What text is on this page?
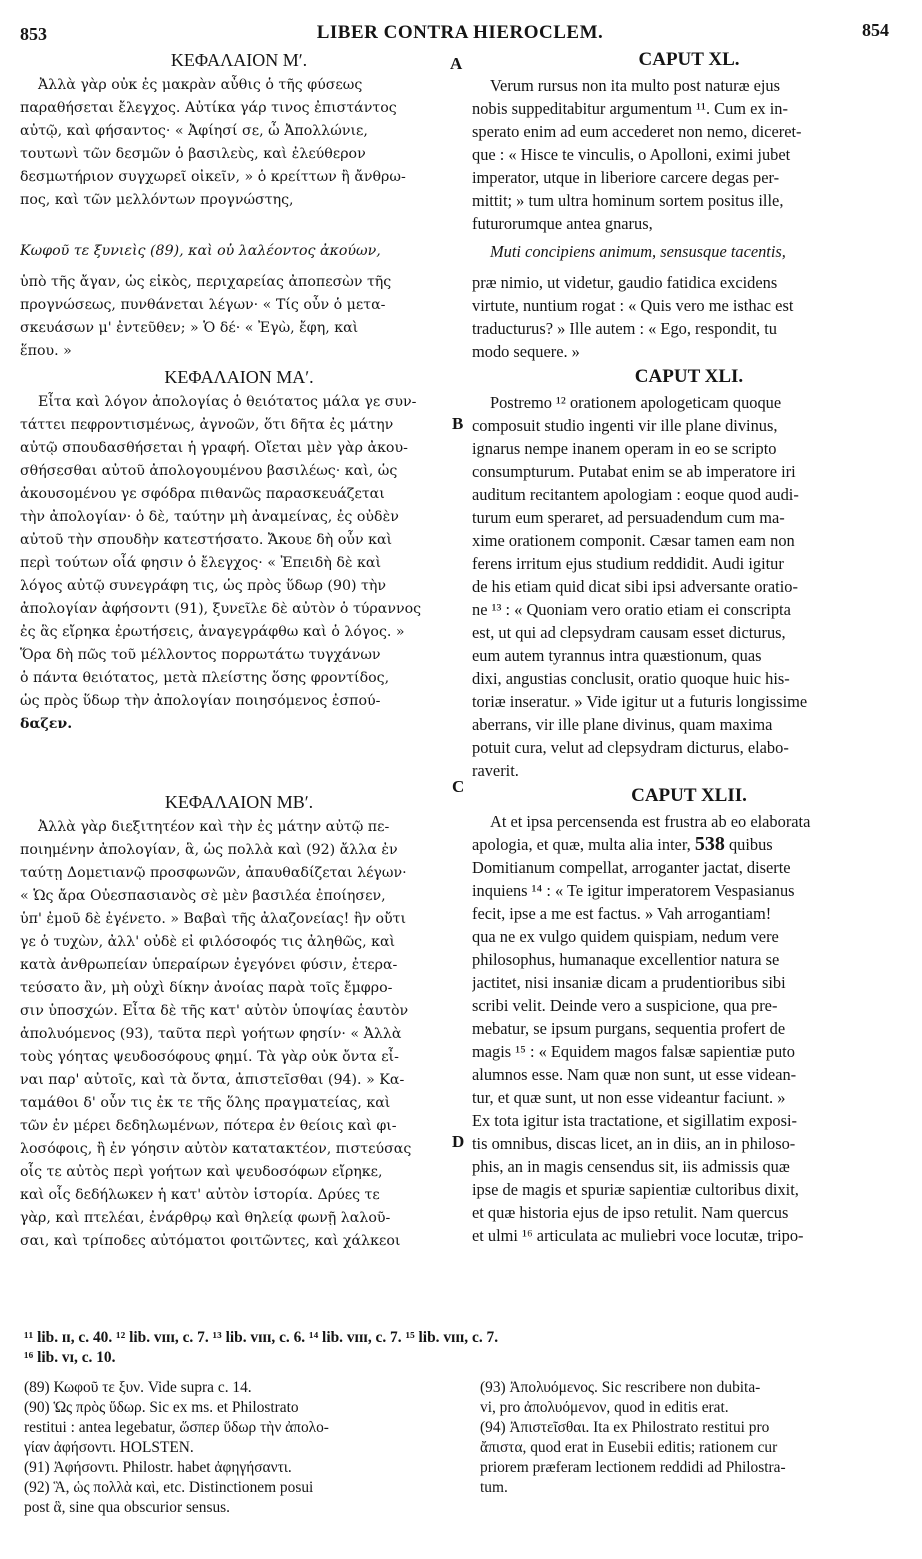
853	LIBER CONTRA HIEROCLEM.	854
A
B
C
D
ΚΕΦΑΛΑΙΟΝ Μʹ.
Ἀλλὰ γὰρ οὐκ ἐς μακρὰν αὖθις ὁ τῆς φύσεως
παραθήσεται ἔλεγχος. Αὐτίκα γάρ τινος ἐπιστάντος
αὐτῷ, καὶ φήσαντος· « Ἀφίησί σε, ὦ Ἀπολλώνιε,
τουτωνὶ τῶν δεσμῶν ὁ βασιλεὺς, καὶ ἐλεύθερον
δεσμωτήριον συγχωρεῖ οἰκεῖν, » ὁ κρείττων ἢ ἄνθρω-
πος, καὶ τῶν μελλόντων προγνώστης,
Κωφοῦ τε ξυνιεὶς (89), καὶ οὐ λαλέοντος ἀκούων,
ὑπὸ τῆς ἄγαν, ὡς εἰκὸς, περιχαρείας ἀποπεσὼν τῆς
προγνώσεως, πυνθάνεται λέγων· « Τίς οὖν ὁ μετα-
σκευάσων μ' ἐντεῦθεν; » Ὁ δέ· « Ἐγὼ, ἔφη, καὶ
ἕπου. »
ΚΕΦΑΛΑΙΟΝ ΜΑʹ.
Εἶτα καὶ λόγον ἀπολογίας ὁ θειότατος μάλα γε συν-
τάττει πεφροντισμένως, ἀγνοῶν, ὅτι δῆτα ἐς μάτην
αὐτῷ σπουδασθήσεται ἡ γραφή. Οἴεται μὲν γὰρ ἀκου-
σθήσεσθαι αὐτοῦ ἀπολογουμένου βασιλέως· καὶ, ὡς
ἀκουσομένου γε σφόδρα πιθανῶς παρασκευάζεται
τὴν ἀπολογίαν· ὁ δὲ, ταύτην μὴ ἀναμείνας, ἐς οὐδὲν
αὐτοῦ τὴν σπουδὴν κατεστήσατο. Ἄκουε δὴ οὖν καὶ
περὶ τούτων οἷά φησιν ὁ ἔλεγχος· « Ἐπειδὴ δὲ καὶ
λόγος αὐτῷ συνεγράφη τις, ὡς πρὸς ὕδωρ (90) τὴν
ἀπολογίαν ἀφήσοντι (91), ξυνεῖλε δὲ αὐτὸν ὁ τύραννος
ἐς ἃς εἴρηκα ἐρωτήσεις, ἀναγεγράφθω καὶ ὁ λόγος. »
Ὅρα δὴ πῶς τοῦ μέλλοντος πορρωτάτω τυγχάνων
ὁ πάντα θειότατος, μετὰ πλείστης ὅσης φροντίδος,
ὡς πρὸς ὕδωρ τὴν ἀπολογίαν ποιησόμενος ἐσπού-
δαζεν.
ΚΕΦΑΛΑΙΟΝ ΜΒʹ.
Ἀλλὰ γὰρ διεξιτητέον καὶ τὴν ἐς μάτην αὐτῷ πε-
ποιημένην ἀπολογίαν, ἃ, ὡς πολλὰ καὶ (92) ἄλλα ἐν
ταύτῃ Δομετιανῷ προσφωνῶν, ἀπαυθαδίζεται λέγων·
« Ὡς ἄρα Οὐεσπασιανὸς σὲ μὲν βασιλέα ἐποίησεν,
ὑπ' ἐμοῦ δὲ ἐγένετο. » Βαβαὶ τῆς ἀλαζονείας! ἣν οὔτι
γε ὁ τυχὼν, ἀλλ' οὐδὲ εἰ φιλόσοφός τις ἀληθῶς, καὶ
κατὰ ἀνθρωπείαν ὑπεραίρων ἐγεγόνει φύσιν, ἐτερα-
τεύσατο ἂν, μὴ οὐχὶ δίκην ἀνοίας παρὰ τοῖς ἔμφρο-
σιν ὑποσχών. Εἶτα δὲ τῆς κατ' αὐτὸν ὑποψίας ἑαυτὸν
ἀπολυόμενος (93), ταῦτα περὶ γοήτων φησίν· « Ἀλλὰ
τοὺς γόητας ψευδοσόφους φημί. Τὰ γὰρ οὐκ ὄντα εἶ-
ναι παρ' αὐτοῖς, καὶ τὰ ὄντα, ἀπιστεῖσθαι (94). » Κα-
ταμάθοι δ' οὖν τις ἐκ τε τῆς ὅλης πραγματείας, καὶ
τῶν ἐν μέρει δεδηλωμένων, πότερα ἐν θείοις καὶ φι-
λοσόφοις, ἢ ἐν γόησιν αὐτὸν κατατακτέον, πιστεύσας
οἷς τε αὐτὸς περὶ γοήτων καὶ ψευδοσόφων εἴρηκε,
καὶ οἷς δεδήλωκεν ἡ κατ' αὐτὸν ἱστορία. Δρύες τε
γὰρ, καὶ πτελέαι, ἐνάρθρῳ καὶ θηλείᾳ φωνῇ λαλοῦ-
σαι, καὶ τρίποδες αὐτόματοι φοιτῶντες, καὶ χάλκεοι
CAPUT XL.
Verum rursus non ita multo post naturæ ejus
nobis suppeditabitur argumentum ¹¹. Cum ex in-
sperato enim ad eum accederet non nemo, diceret-
que : « Hisce te vinculis, o Apolloni, eximi jubet
imperator, utque in liberiore carcere degas per-
mittit; » tum ultra hominum sortem positus ille,
futurorumque antea gnarus,
Muti concipiens animum, sensusque tacentis,
præ nimio, ut videtur, gaudio fatidica excidens
virtute, nuntium rogat : « Quis vero me isthac est
traducturus? » Ille autem : « Ego, respondit, tu
modo sequere. »
CAPUT XLI.
Postremo ¹² orationem apologeticam quoque
composuit studio ingenti vir ille plane divinus,
ignarus nempe inanem operam in eo se scripto
consumpturum. Putabat enim se ab imperatore iri
auditum recitantem apologiam : eoque quod audi-
turum eum speraret, ad persuadendum cum ma-
xime orationem componit. Cæsar tamen eam non
ferens irritum ejus studium reddidit. Audi igitur
de his etiam quid dicat sibi ipsi adversante oratio-
ne ¹³ : « Quoniam vero oratio etiam ei conscripta
est, ut qui ad clepsydram causam esset dicturus,
eum autem tyrannus intra quæstionum, quas
dixi, angustias conclusit, oratio quoque huic his-
toriæ inseratur. » Vide igitur ut a futuris longissime
aberrans, vir ille plane divinus, quam maxima
potuit cura, velut ad clepsydram dicturus, elabo-
raverit.
CAPUT XLII.
At et ipsa percensenda est frustra ab eo elaborata
apologia, et quæ, multa alia inter, 538 quibus
Domitianum compellat, arroganter jactat, diserte
inquiens ¹⁴ : « Te igitur imperatorem Vespasianus
fecit, ipse a me est factus. » Vah arrogantiam!
qua ne ex vulgo quidem quispiam, nedum vere
philosophus, humanaque excellentior natura se
jactitet, nisi insaniæ dicam a prudentioribus sibi
scribi velit. Deinde vero a suspicione, qua pre-
mebatur, se ipsum purgans, sequentia profert de
magis ¹⁵ : « Equidem magos falsæ sapientiæ puto
alumnos esse. Nam quæ non sunt, ut esse videan-
tur, et quæ sunt, ut non esse videantur faciunt. »
Ex tota igitur ista tractatione, et sigillatim exposi-
tis omnibus, discas licet, an in diis, an in philoso-
phis, an in magis censendus sit, iis admissis quæ
ipse de magis et spuriæ sapientiæ cultoribus dixit,
et quæ historia ejus de ipso retulit. Nam quercus
et ulmi ¹⁶ articulata ac muliebri voce locutæ, tripo-
¹¹ lib. ɪɪ, c. 40. ¹² lib. ᴠɪɪɪ, c. 7. ¹³ lib. ᴠɪɪɪ, c. 6. ¹⁴ lib. ᴠɪɪɪ, c. 7. ¹⁵ lib. ᴠɪɪɪ, c. 7.
¹⁶ lib. ᴠɪ, c. 10.
(89) Κωφοῦ τε ξυν. Vide supra c. 14.
(90) Ὡς πρὸς ὕδωρ. Sic ex ms. et Philostrato
restitui : antea legebatur, ὥσπερ ὕδωρ τὴν ἀπολο-
γίαν ἀφήσοντι. HOLSTEN.
(91) Ἀφήσοντι. Philostr. habet ἀφηγήσαντι.
(92) Ἃ, ὡς πολλὰ καὶ, etc. Distinctionem posui
post ἃ, sine qua obscurior sensus.
(93) Ἀπολυόμενος. Sic rescribere non dubita-
vi, pro ἀπολυόμενον, quod in editis erat.
(94) Ἀπιστεῖσθαι. Ita ex Philostrato restitui pro
ἄπιστα, quod erat in Eusebii editis; rationem cur
priorem præferam lectionem reddidi ad Philostra-
tum.
